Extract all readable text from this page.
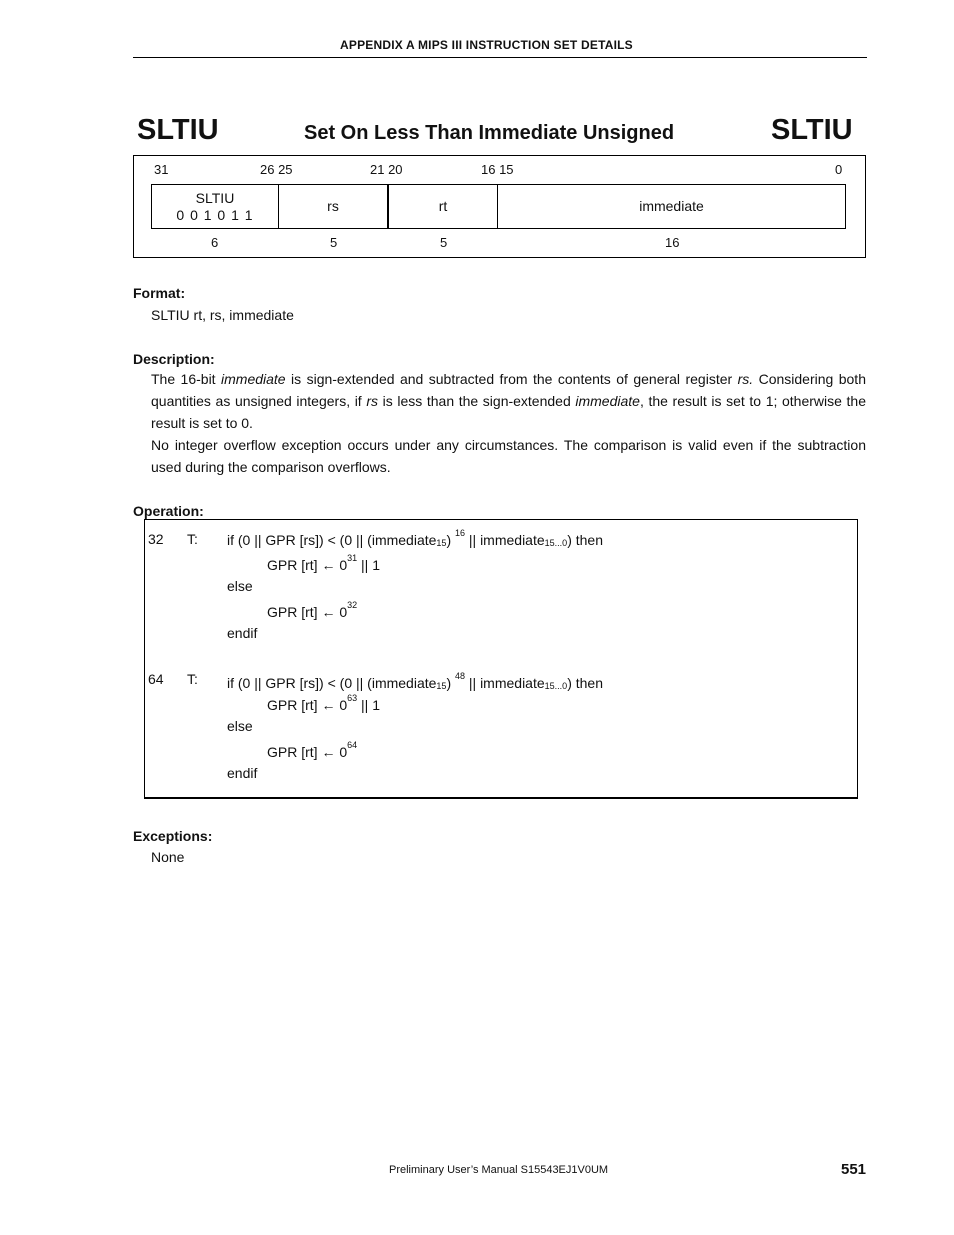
APPENDIX A MIPS III INSTRUCTION SET DETAILS
SLTIU	Set On Less Than Immediate Unsigned	SLTIU
31	26 25	21 20	16 15	0
SLTIU
0 0 1 0 1 1
rs	rt	immediate
6	5	5	16
Format:
SLTIU rt, rs, immediate
Description:
The 16-bit immediate is sign-extended and subtracted from the contents of general register rs. Considering both quantities as unsigned integers, if rs is less than the sign-extended immediate, the result is set to 1; otherwise the result is set to 0.
No integer overflow exception occurs under any circumstances. The comparison is valid even if the subtraction used during the comparison overflows.
Operation:
32 T: if (0 || GPR [rs]) < (0 || (immediate$_{15}$) $^{16}$ || immediate$_{15...0}$) then
GPR [rt] ← $0^{31}$ || 1
else
GPR [rt] ← $0^{32}$
endif
64 T: if (0 || GPR [rs]) < (0 || (immediate$_{15}$) $^{48}$ || immediate$_{15...0}$) then
GPR [rt] ← $0^{63}$ || 1
else
GPR [rt] ← $0^{64}$
endif
Exceptions:
None
Preliminary User’s Manual S15543EJ1V0UM	551
